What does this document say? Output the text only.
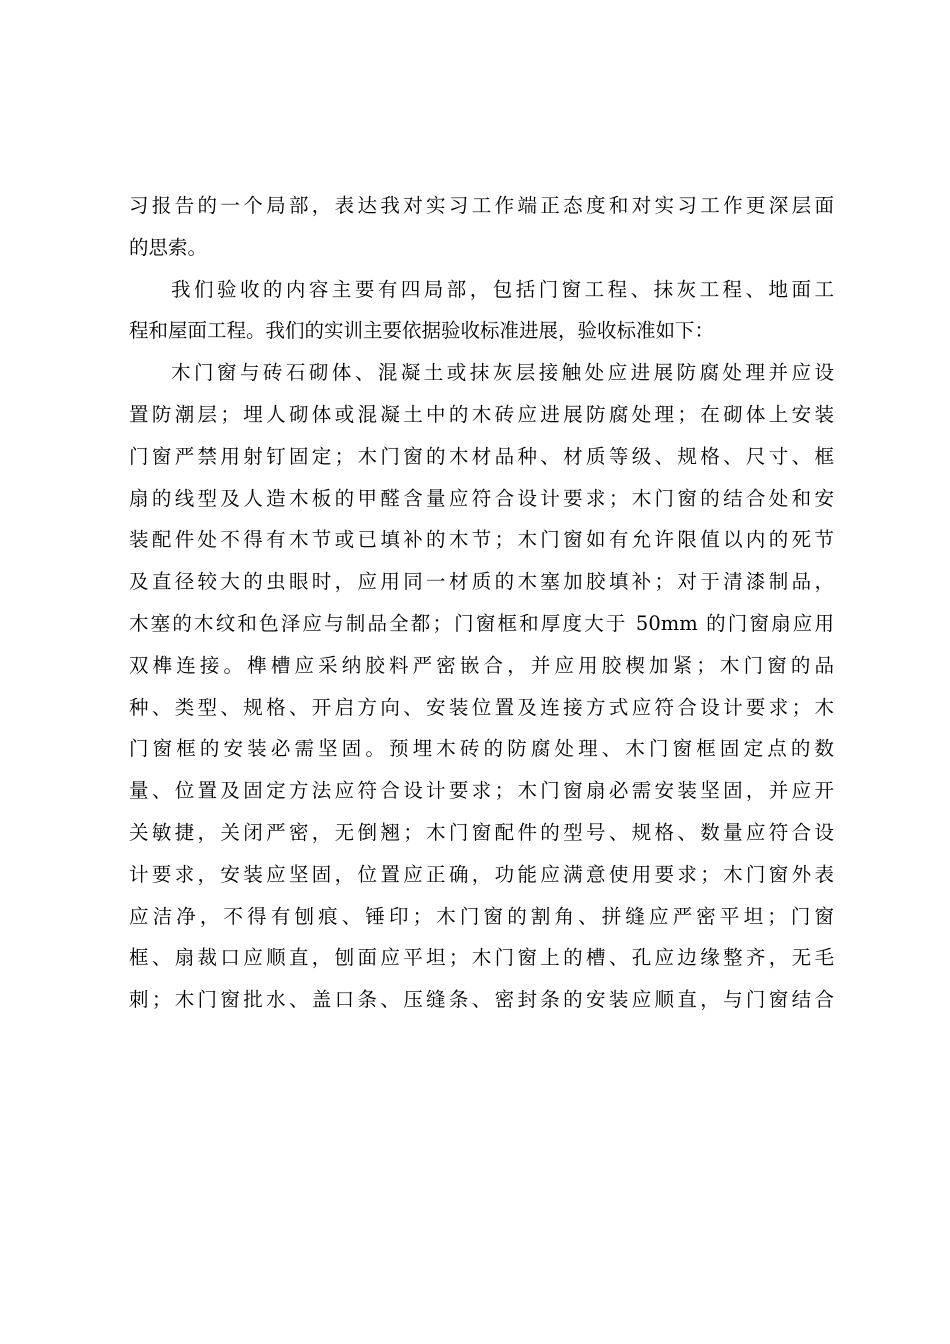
习报告的一个局部，表达我对实习工作端正态度和对实习工作更深层面
的思索。
我们验收的内容主要有四局部，包括门窗工程、抹灰工程、地面工
程和屋面工程。我们的实训主要依据验收标准进展，验收标准如下：
木门窗与砖石砌体、混凝土或抹灰层接触处应进展防腐处理并应设
置防潮层；埋人砌体或混凝土中的木砖应进展防腐处理；在砌体上安装
门窗严禁用射钉固定；木门窗的木材品种、材质等级、规格、尺寸、框
扇的线型及人造木板的甲醛含量应符合设计要求；木门窗的结合处和安
装配件处不得有木节或已填补的木节；木门窗如有允许限值以内的死节
及直径较大的虫眼时，应用同一材质的木塞加胶填补；对于清漆制品，
木塞的木纹和色泽应与制品全都；门窗框和厚度大于 50mm 的门窗扇应用
双榫连接。榫槽应采纳胶料严密嵌合，并应用胶楔加紧；木门窗的品
种、类型、规格、开启方向、安装位置及连接方式应符合设计要求；木
门窗框的安装必需坚固。预埋木砖的防腐处理、木门窗框固定点的数
量、位置及固定方法应符合设计要求；木门窗扇必需安装坚固，并应开
关敏捷，关闭严密，无倒翘；木门窗配件的型号、规格、数量应符合设
计要求，安装应坚固，位置应正确，功能应满意使用要求；木门窗外表
应洁净，不得有刨痕、锤印；木门窗的割角、拼缝应严密平坦；门窗
框、扇裁口应顺直，刨面应平坦；木门窗上的槽、孔应边缘整齐，无毛
刺；木门窗批水、盖口条、压缝条、密封条的安装应顺直，与门窗结合
